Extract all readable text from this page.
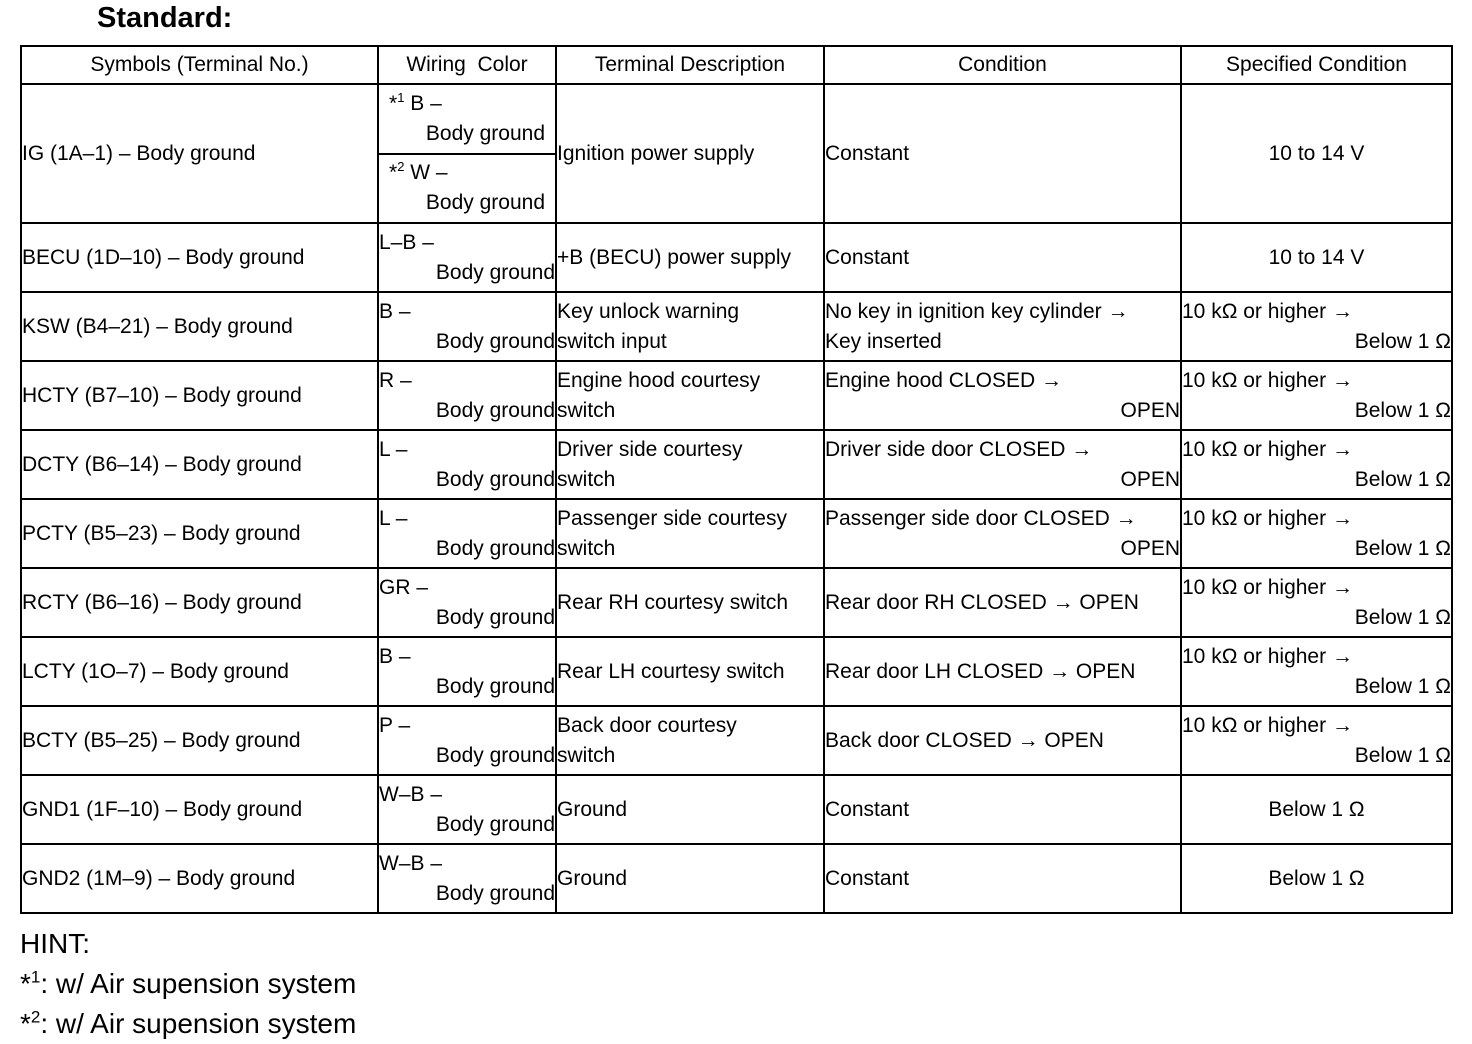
Standard:
Symbols (Terminal No.)	Wiring  Color	Terminal Description	Condition	Specified Condition
IG (1A–1) – Body ground	*$^1$ B –
Body ground
*$^2$ W –
Body ground	Ignition power supply	Constant	10 to 14 V
BECU (1D–10) – Body ground	L–B –
Body ground	+B (BECU) power supply	Constant	10 to 14 V
KSW (B4–21) – Body ground	B –
Body ground	Key unlock warning
switch input	No key in ignition key cylinder →
Key inserted	10 kΩ or higher →
Below 1 Ω

HCTY (B7–10) – Body ground	R –
Body ground	Engine hood courtesy
switch	Engine hood CLOSED →
OPEN	10 kΩ or higher →
Below 1 Ω

DCTY (B6–14) – Body ground	L –
Body ground	Driver side courtesy
switch	Driver side door CLOSED →
OPEN	10 kΩ or higher →
Below 1 Ω

PCTY (B5–23) – Body ground	L –
Body ground	Passenger side courtesy
switch	Passenger side door CLOSED →
OPEN	10 kΩ or higher →
Below 1 Ω

RCTY (B6–16) – Body ground	GR –
Body ground	Rear RH courtesy switch	Rear door RH CLOSED → OPEN	10 kΩ or higher →
Below 1 Ω

LCTY (1O–7) – Body ground	B –
Body ground	Rear LH courtesy switch	Rear door LH CLOSED → OPEN	10 kΩ or higher →
Below 1 Ω

BCTY (B5–25) – Body ground	P –
Body ground	Back door courtesy
switch	Back door CLOSED → OPEN	10 kΩ or higher →
Below 1 Ω

GND1 (1F–10) – Body ground	W–B –
Body ground	Ground	Constant	Below 1 Ω
GND2 (1M–9) – Body ground	W–B –
Body ground	Ground	Constant	Below 1 Ω
HINT:
*$^1$: w/ Air supension system
*$^2$: w/ Air supension system
